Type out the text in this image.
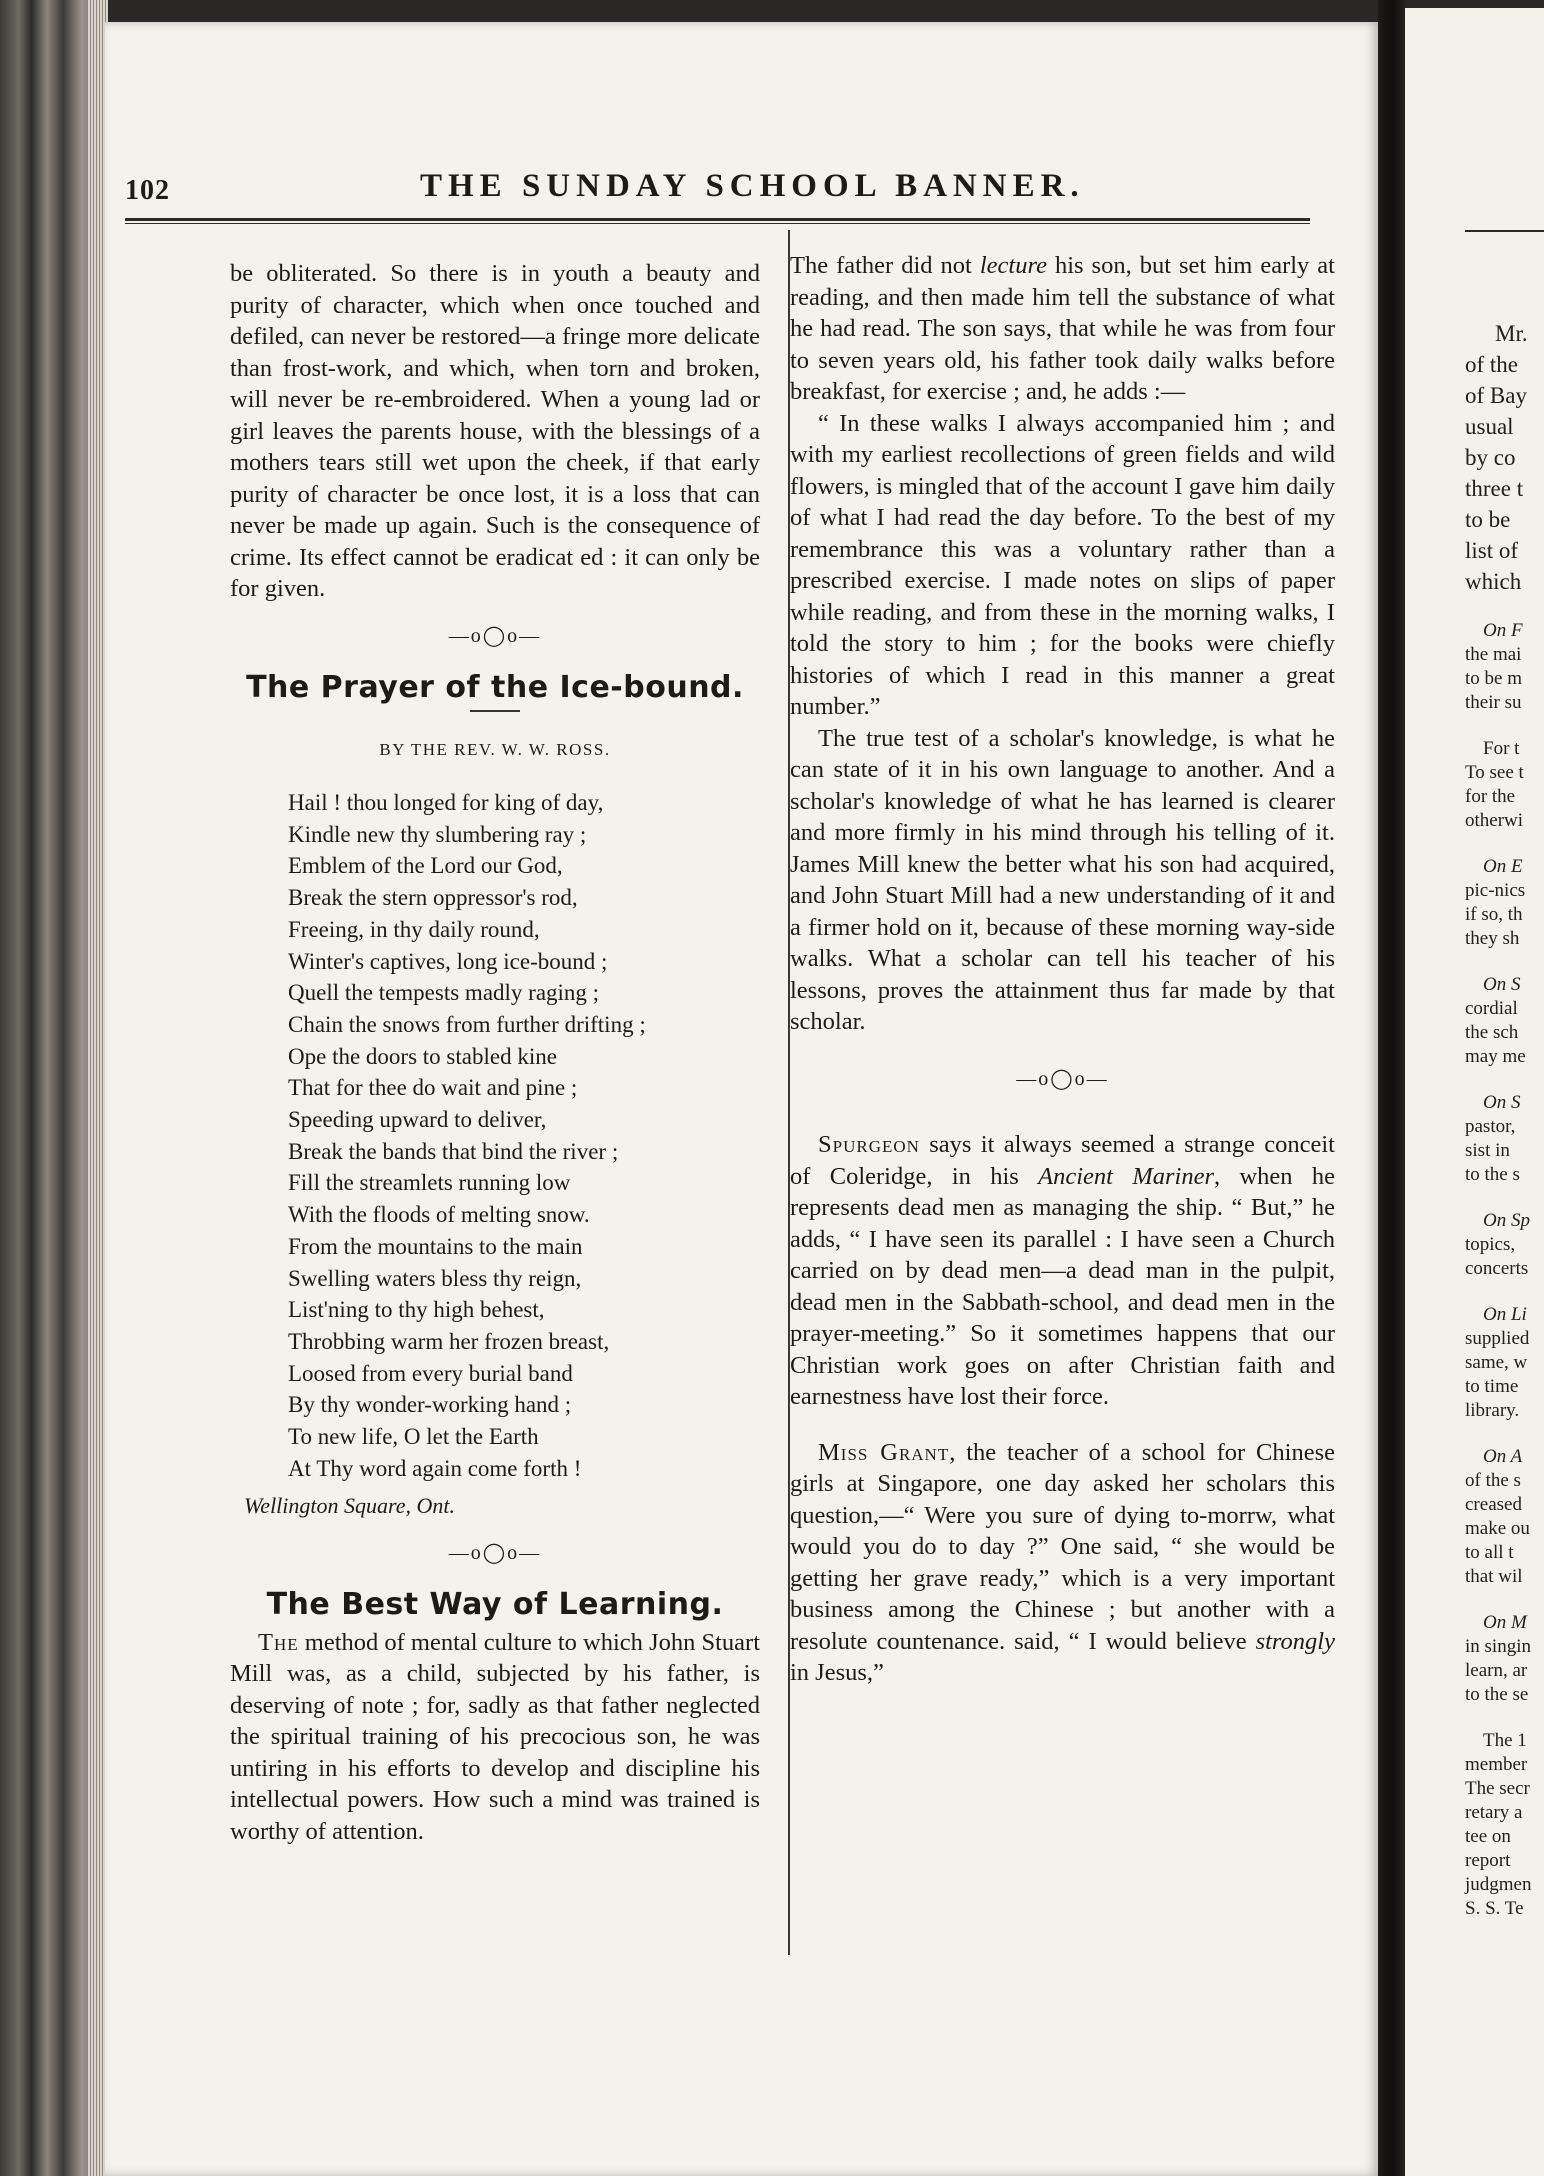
102	THE SUNDAY SCHOOL BANNER.

be obliterated. So there is in youth a beauty and purity of character, which when once touched and defiled, can never be restored—a fringe more delicate than frost-work, and which, when torn and broken, will never be re-embroidered. When a young lad or girl leaves the parents house, with the blessings of a mothers tears still wet upon the cheek, if that early purity of character be once lost, it is a loss that can never be made up again. Such is the consequence of crime. Its effect cannot be eradicat ed : it can only be for given.

—o◯o—
The Prayer of the Ice-bound.
BY THE REV. W. W. ROSS.
Hail ! thou longed for king of day,
Kindle new thy slumbering ray ;
Emblem of the Lord our God,
Break the stern oppressor's rod,
Freeing, in thy daily round,
Winter's captives, long ice-bound ;
Quell the tempests madly raging ;
Chain the snows from further drifting ;
Ope the doors to stabled kine
That for thee do wait and pine ;
Speeding upward to deliver,
Break the bands that bind the river ;
Fill the streamlets running low
With the floods of melting snow.
From the mountains to the main
Swelling waters bless thy reign,
List'ning to thy high behest,
Throbbing warm her frozen breast,
Loosed from every burial band
By thy wonder-working hand ;
To new life, O let the Earth
At Thy word again come forth !
Wellington Square, Ont.
—o◯o—
The Best Way of Learning.

The method of mental culture to which John Stuart Mill was, as a child, subjected by his father, is deserving of note ; for, sadly as that father neglected the spiritual training of his precocious son, he was untiring in his efforts to develop and discipline his intellectual powers. How such a mind was trained is worthy of attention.

The father did not lecture his son, but set him early at reading, and then made him tell the substance of what he had read. The son says, that while he was from four to seven years old, his father took daily walks before breakfast, for exercise ; and, he adds :—

“ In these walks I always accompanied him ; and with my earliest recollections of green fields and wild flowers, is mingled that of the account I gave him daily of what I had read the day before. To the best of my remembrance this was a voluntary rather than a prescribed exercise. I made notes on slips of paper while reading, and from these in the morning walks, I told the story to him ; for the books were chiefly histories of which I read in this manner a great number.”

The true test of a scholar's knowledge, is what he can state of it in his own language to another. And a scholar's knowledge of what he has learned is clearer and more firmly in his mind through his telling of it. James Mill knew the better what his son had acquired, and John Stuart Mill had a new understanding of it and a firmer hold on it, because of these morning way-side walks. What a scholar can tell his teacher of his lessons, proves the attainment thus far made by that scholar.

—o◯o—

Spurgeon says it always seemed a strange conceit of Coleridge, in his Ancient Mariner, when he represents dead men as managing the ship. “ But,” he adds, “ I have seen its parallel : I have seen a Church carried on by dead men—a dead man in the pulpit, dead men in the Sabbath-school, and dead men in the prayer-meeting.” So it sometimes happens that our Christian work goes on after Christian faith and earnestness have lost their force.

Miss Grant, the teacher of a school for Chinese girls at Singapore, one day asked her scholars this question,—“ Were you sure of dying to-morrw, what would you do to day ?” One said, “ she would be getting her grave ready,” which is a very important business among the Chinese ; but another with a resolute countenance. said, “ I would believe strongly in Jesus,”

Mr.
of the
of Bay
usual
by co
three t
to be
list of
which
On F
the mai
to be m
their su
For t
To see t
for the
otherwi
On E
pic-nics
if so, th
they sh
On S
cordial
the sch
may me
On S
pastor,
sist in
to the s
On Sp
topics,
concerts
On Li
supplied
same, w
to time
library.
On A
of the s
creased
make ou
to all t
that wil
On M
in singin
learn, ar
to the se
The 1
member
The secr
retary a
tee on
report
judgmen
S. S. Te
